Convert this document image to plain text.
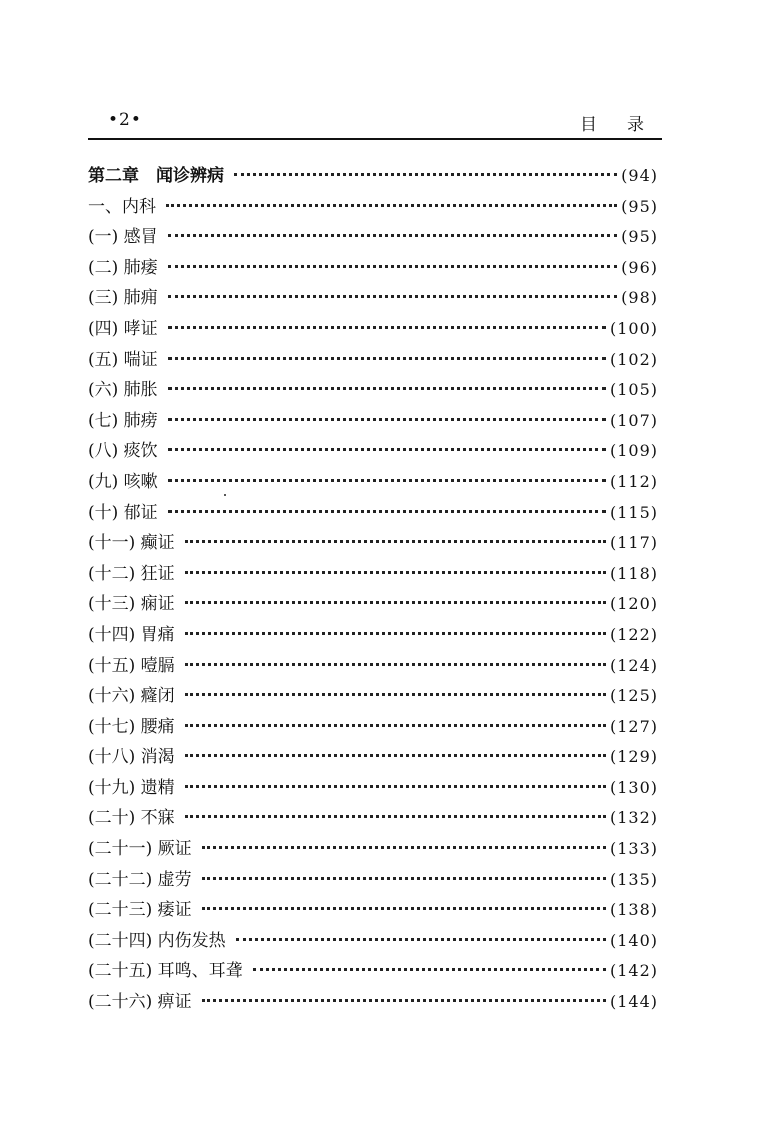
•2•	目录
第二章　闻诊辨病	(94)
一、内科	(95)
(一) 感冒	(95)
(二) 肺痿	(96)
(三) 肺痈	(98)
(四) 哮证	(100)
(五) 喘证	(102)
(六) 肺胀	(105)
(七) 肺痨	(107)
(八) 痰饮	(109)
(九) 咳嗽	(112)
(十) 郁证	(115)
(十一) 癫证	(117)
(十二) 狂证	(118)
(十三) 痫证	(120)
(十四) 胃痛	(122)
(十五) 噎膈	(124)
(十六) 癃闭	(125)
(十七) 腰痛	(127)
(十八) 消渴	(129)
(十九) 遗精	(130)
(二十) 不寐	(132)
(二十一) 厥证	(133)
(二十二) 虚劳	(135)
(二十三) 痿证	(138)
(二十四) 内伤发热	(140)
(二十五) 耳鸣、耳聋	(142)
(二十六) 痹证	(144)
